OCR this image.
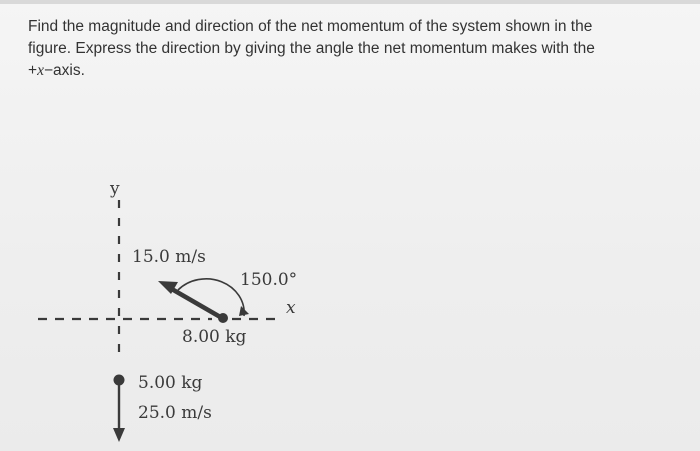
Find the magnitude and direction of the net momentum of the system shown in the
figure. Express the direction by giving the angle the net momentum makes with the
+x−axis.
y
x
15.0 m/s
150.0°
8.00 kg
5.00 kg
25.0 m/s
